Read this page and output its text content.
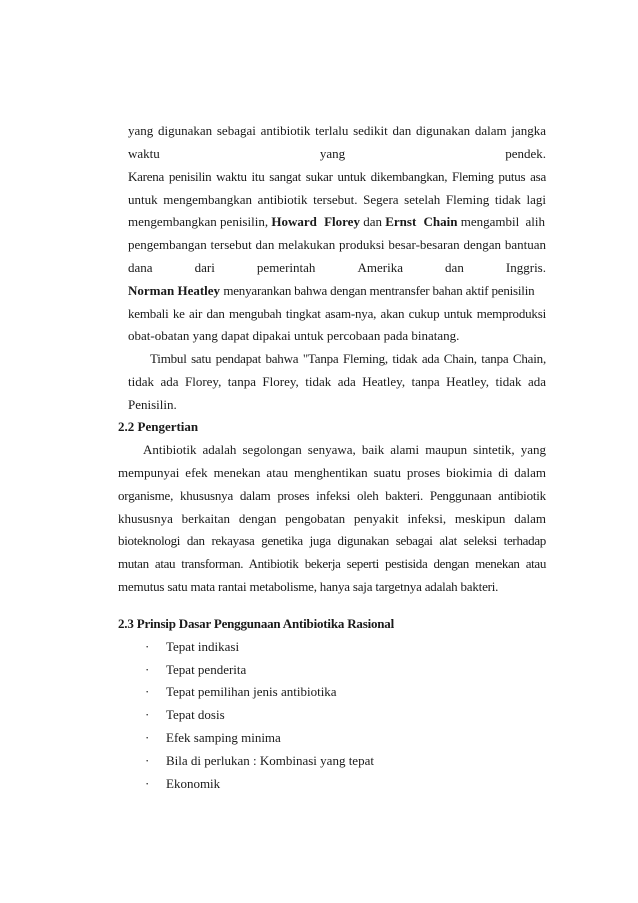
yang digunakan sebagai antibiotik terlalu sedikit dan digunakan dalam jangka
waktu	yang	pendek.
Karena penisilin waktu itu sangat sukar untuk dikembangkan, Fleming putus asa
untuk mengembangkan antibiotik tersebut. Segera setelah Fleming tidak lagi
mengembangkan penisilin, Howard Florey dan Ernst Chain mengambil alih
pengembangan tersebut dan melakukan produksi besar-besaran dengan bantuan
dana	dari	pemerintah	Amerika	dan	Inggris.
Norman Heatley menyarankan bahwa dengan mentransfer bahan aktif penisilin
kembali ke air dan mengubah tingkat asam-nya, akan cukup untuk memproduksi
obat-obatan yang dapat dipakai untuk percobaan pada binatang.
Timbul satu pendapat bahwa "Tanpa Fleming, tidak ada Chain, tanpa Chain,
tidak ada Florey, tanpa Florey, tidak ada Heatley, tanpa Heatley, tidak ada
Penisilin.
2.2 Pengertian
Antibiotik adalah segolongan senyawa, baik alami maupun sintetik, yang
mempunyai efek menekan atau menghentikan suatu proses biokimia di dalam
organisme, khususnya dalam proses infeksi oleh bakteri. Penggunaan antibiotik
khususnya berkaitan dengan pengobatan penyakit infeksi, meskipun dalam
bioteknologi dan rekayasa genetika juga digunakan sebagai alat seleksi terhadap
mutan atau transforman. Antibiotik bekerja seperti pestisida dengan menekan atau
memutus satu mata rantai metabolisme, hanya saja targetnya adalah bakteri.
2.3 Prinsip Dasar Penggunaan Antibiotika Rasional
· Tepat indikasi
· Tepat penderita
· Tepat pemilihan jenis antibiotika
· Tepat dosis
· Efek samping minima
· Bila di perlukan : Kombinasi yang tepat
· Ekonomik
